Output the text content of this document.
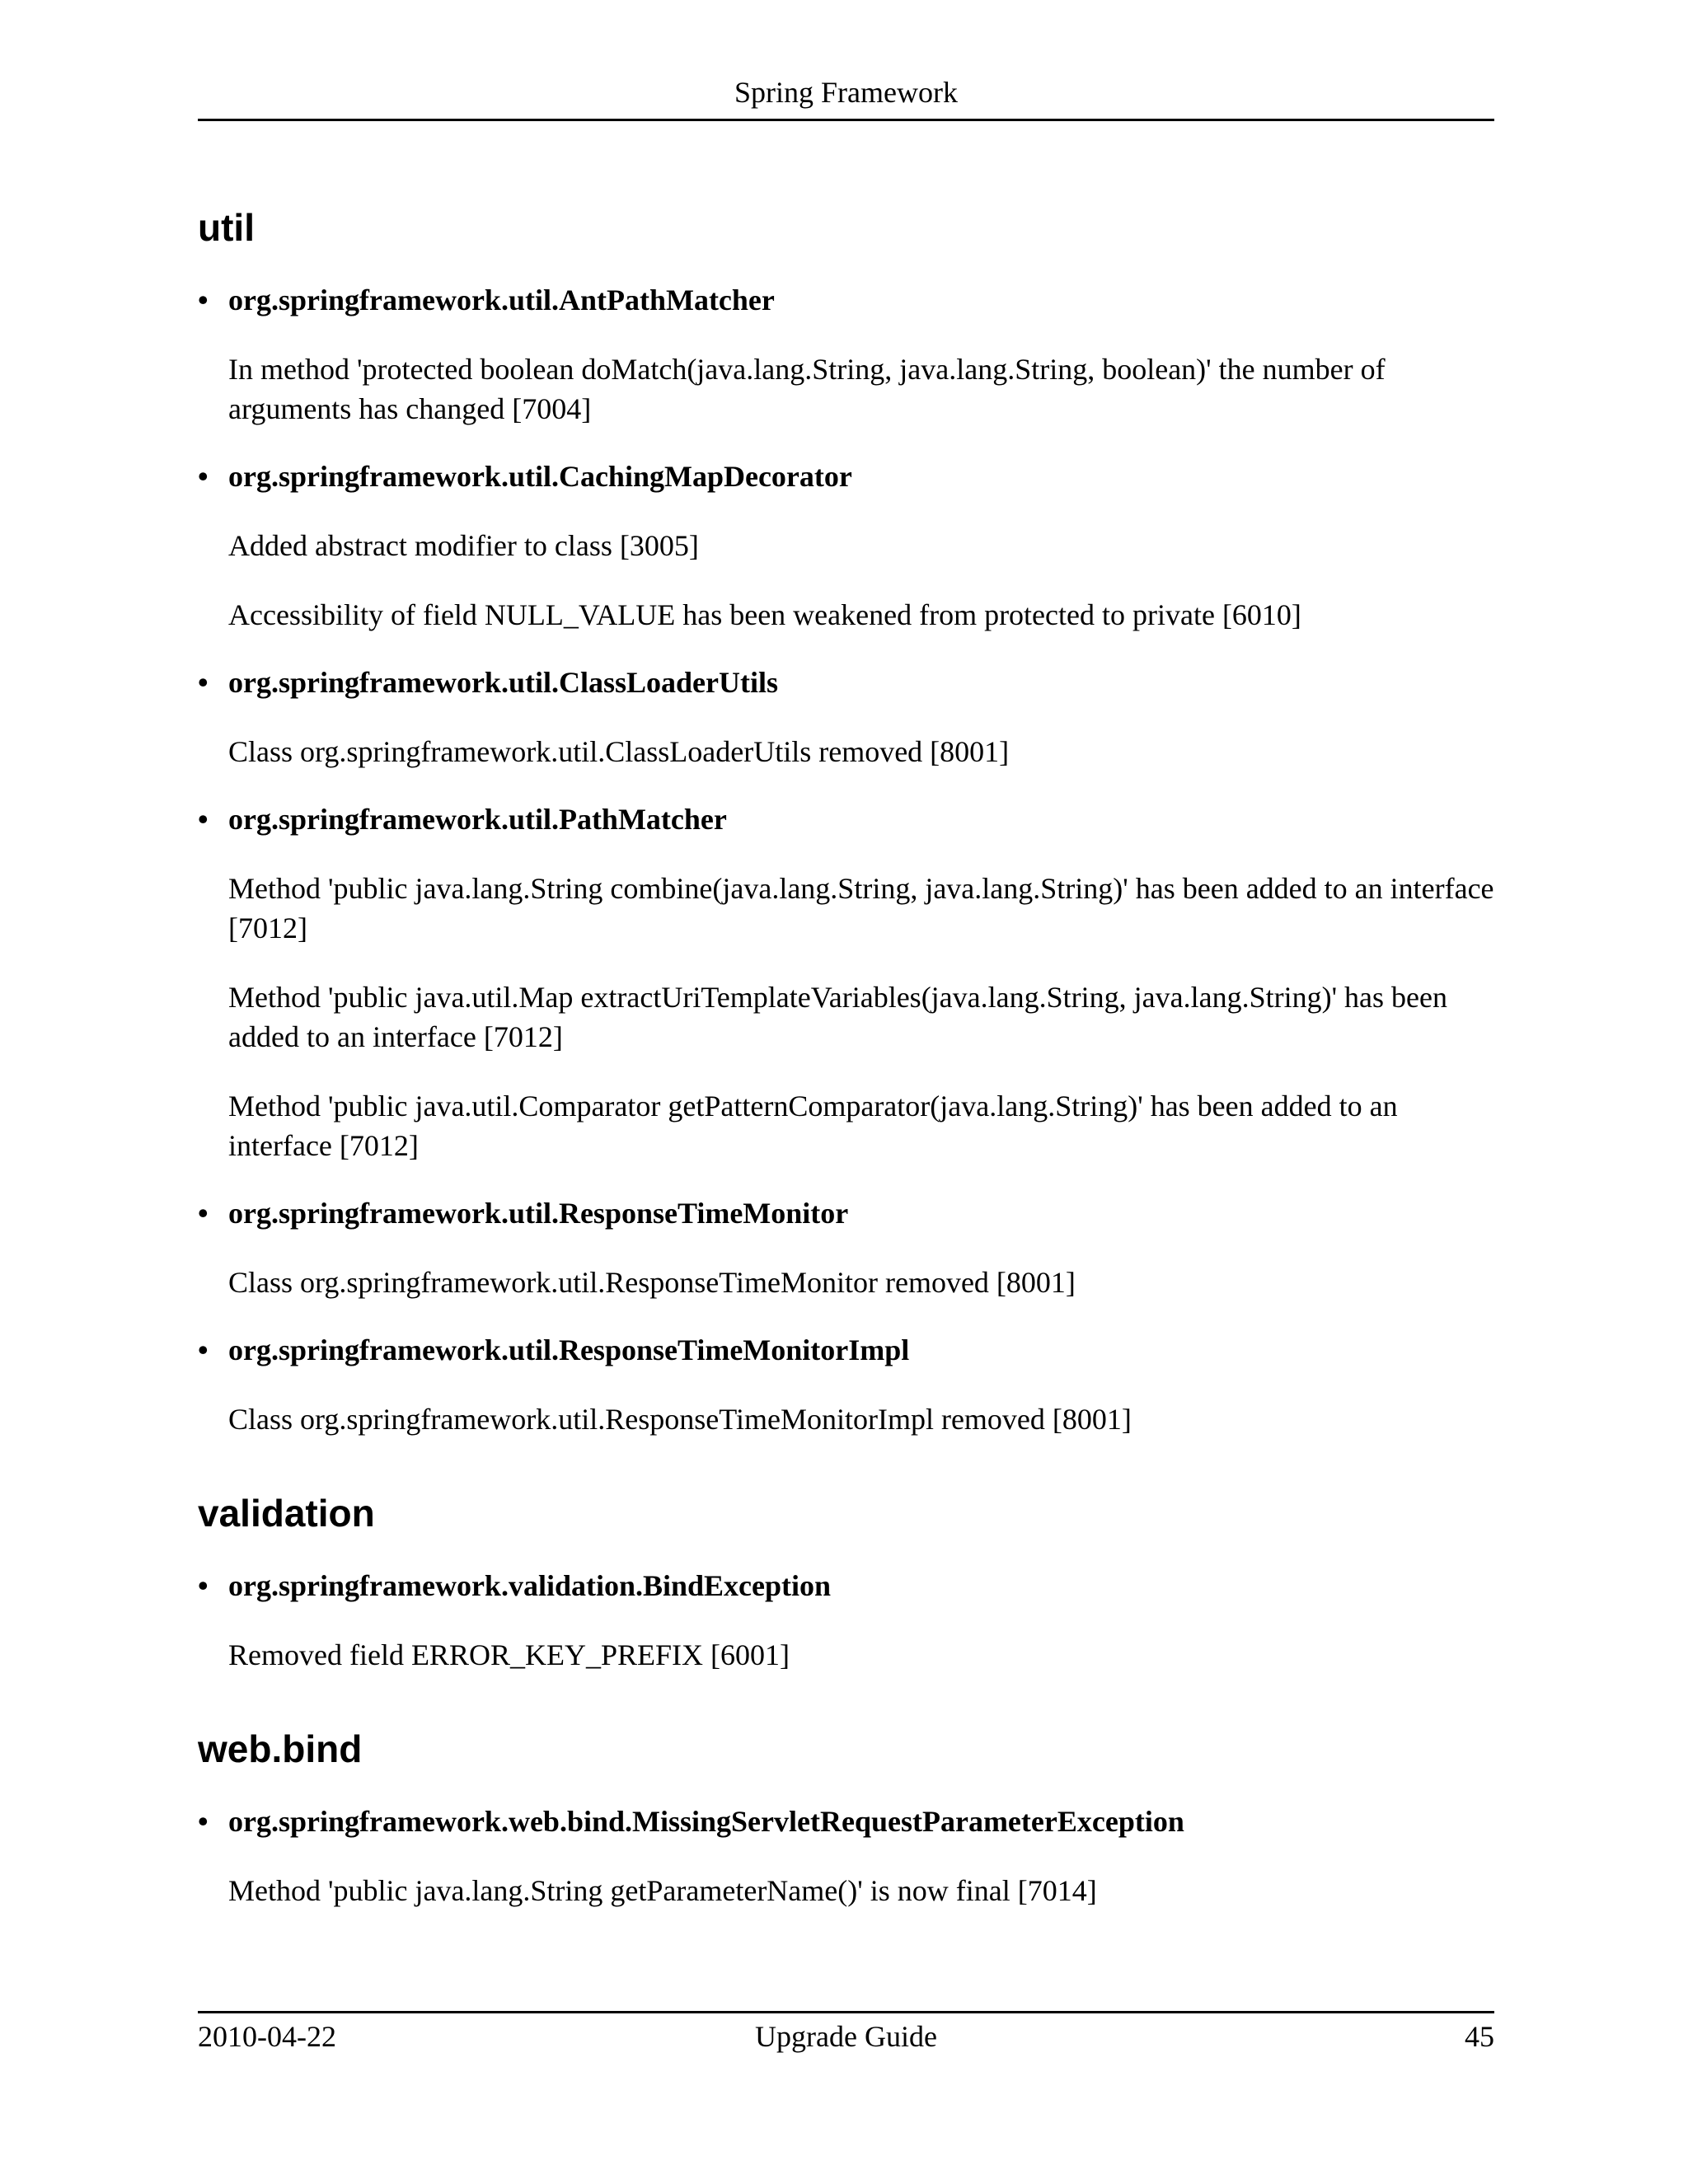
Spring Framework
util
• org.springframework.util.AntPathMatcher
In method 'protected boolean doMatch(java.lang.String, java.lang.String, boolean)' the number of arguments has changed [7004]
• org.springframework.util.CachingMapDecorator
Added abstract modifier to class [3005]
Accessibility of field NULL_VALUE has been weakened from protected to private [6010]
• org.springframework.util.ClassLoaderUtils
Class org.springframework.util.ClassLoaderUtils removed [8001]
• org.springframework.util.PathMatcher
Method 'public java.lang.String combine(java.lang.String, java.lang.String)' has been added to an interface [7012]
Method 'public java.util.Map extractUriTemplateVariables(java.lang.String, java.lang.String)' has been added to an interface [7012]
Method 'public java.util.Comparator getPatternComparator(java.lang.String)' has been added to an interface [7012]
• org.springframework.util.ResponseTimeMonitor
Class org.springframework.util.ResponseTimeMonitor removed [8001]
• org.springframework.util.ResponseTimeMonitorImpl
Class org.springframework.util.ResponseTimeMonitorImpl removed [8001]
validation
• org.springframework.validation.BindException
Removed field ERROR_KEY_PREFIX [6001]
web.bind
• org.springframework.web.bind.MissingServletRequestParameterException
Method 'public java.lang.String getParameterName()' is now final [7014]
2010-04-22	Upgrade Guide	45
